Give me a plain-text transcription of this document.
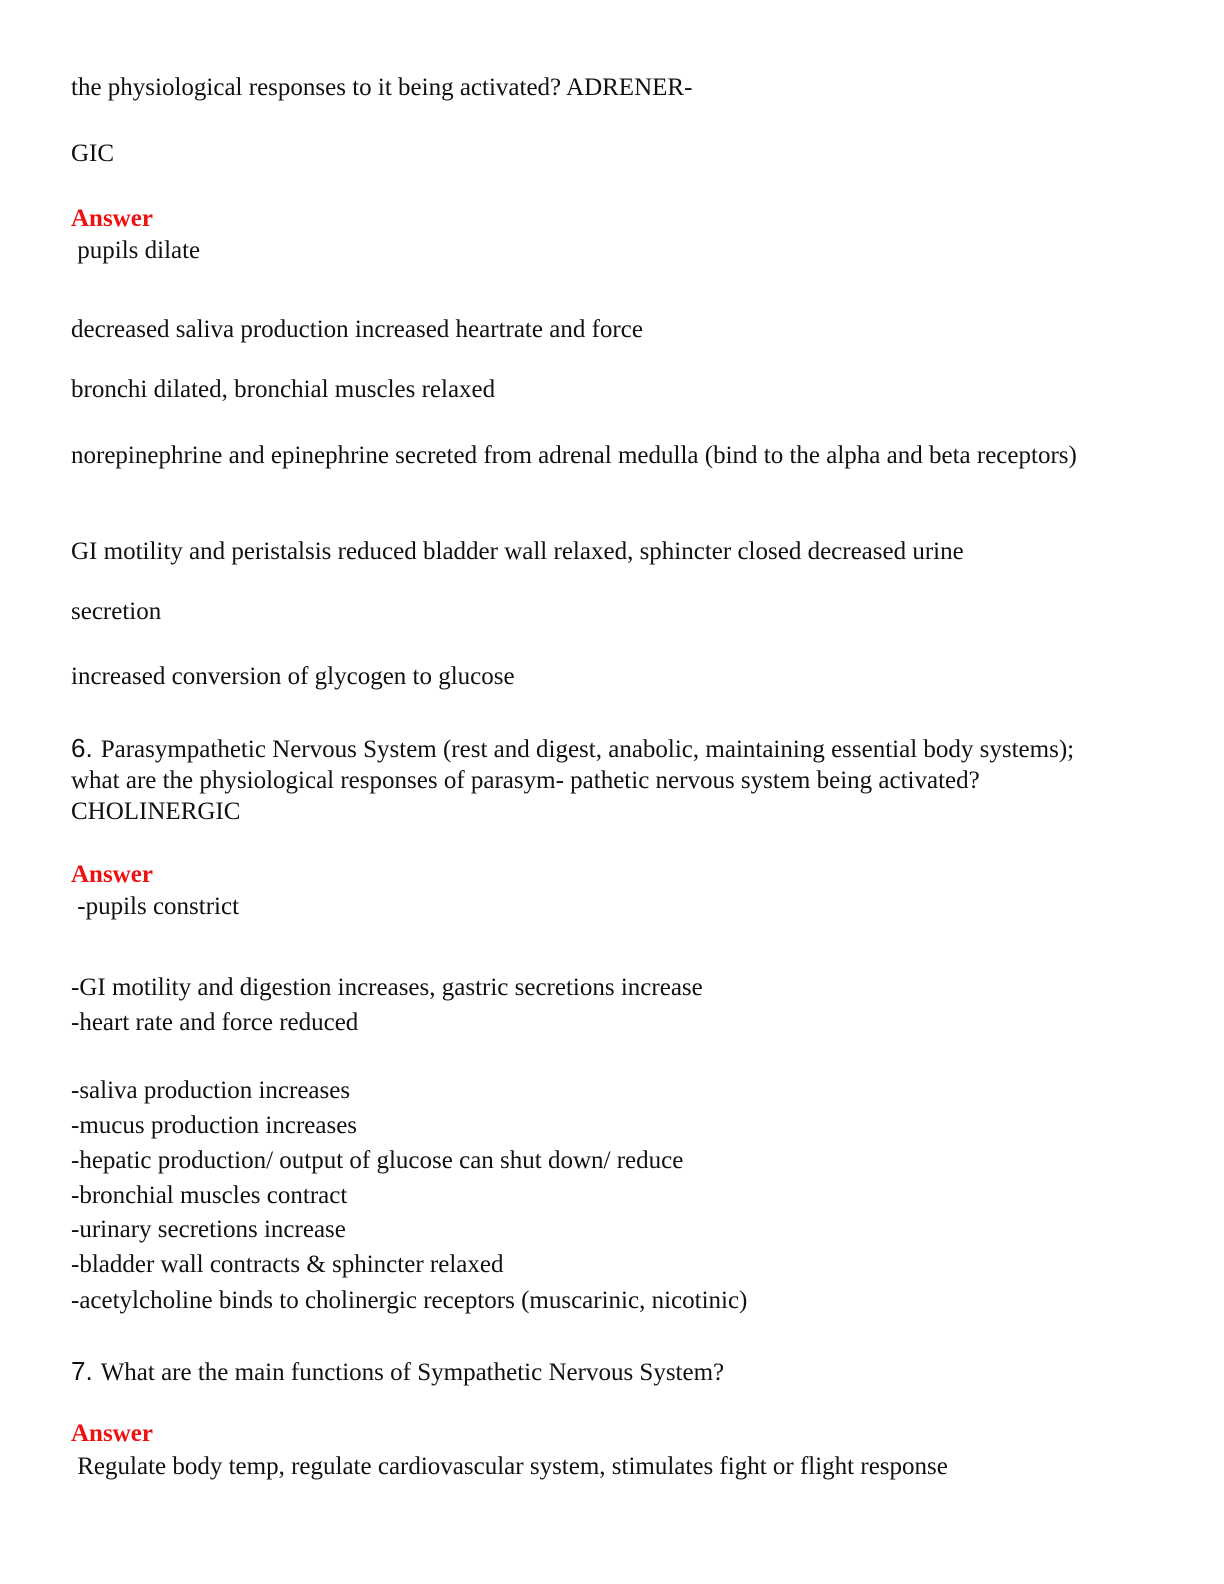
the physiological responses to it being activated? ADRENER-

GIC

Answer

pupils dilate

decreased saliva production increased heartrate and force

bronchi dilated, bronchial muscles relaxed

norepinephrine and epinephrine secreted from adrenal medulla (bind to the alpha and beta receptors)

GI motility and peristalsis reduced bladder wall relaxed, sphincter closed decreased urine

secretion

increased conversion of glycogen to glucose

6. Parasympathetic Nervous System (rest and digest, anabolic, maintaining essential body systems); what are the physiological responses of parasym- pathetic nervous system being activated? CHOLINERGIC

Answer

-pupils constrict

-GI motility and digestion increases, gastric secretions increase

-heart rate and force reduced

-saliva production increases

-mucus production increases

-hepatic production/ output of glucose can shut down/ reduce

-bronchial muscles contract

-urinary secretions increase

-bladder wall contracts & sphincter relaxed

-acetylcholine binds to cholinergic receptors (muscarinic, nicotinic)

7. What are the main functions of Sympathetic Nervous System?

Answer

Regulate body temp, regulate cardiovascular system, stimulates fight or flight response
